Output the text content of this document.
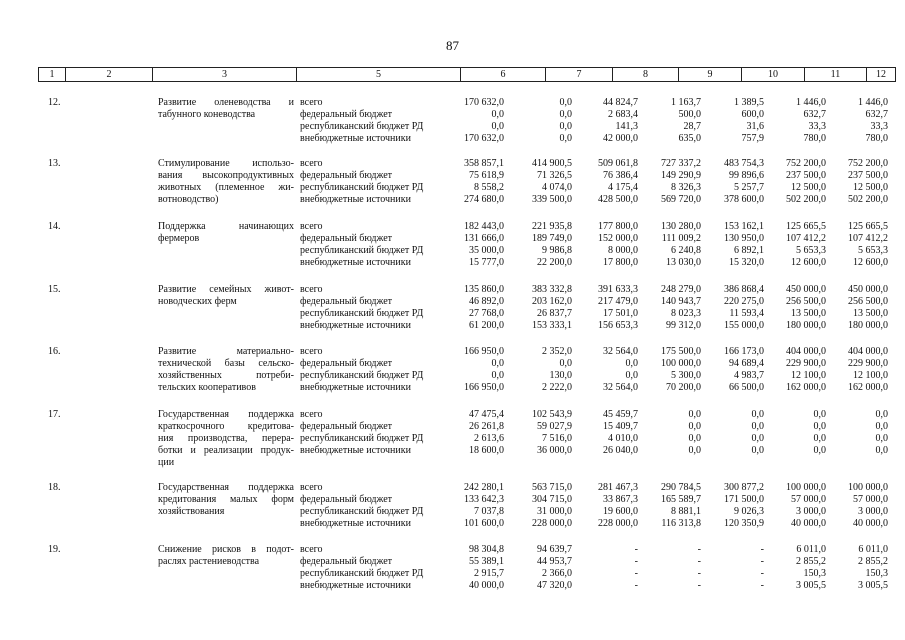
87
1	2	3	5	6	7	8	9	10	11	12
12.	Развитие оленеводства и
табунного коневодства
всего	170 632,0	0,0	44 824,7	1 163,7	1 389,5	1 446,0	1 446,0
федеральный бюджет	0,0	0,0	2 683,4	500,0	600,0	632,7	632,7
республиканский бюджет РД	0,0	0,0	141,3	28,7	31,6	33,3	33,3
внебюджетные источники	170 632,0	0,0	42 000,0	635,0	757,9	780,0	780,0
13.	Стимулирование использо-
вания высокопродуктивных
животных (племенное жи-
вотноводство)
всего	358 857,1	414 900,5	509 061,8	727 337,2	483 754,3	752 200,0	752 200,0
федеральный бюджет	75 618,9	71 326,5	76 386,4	149 290,9	99 896,6	237 500,0	237 500,0
республиканский бюджет РД	8 558,2	4 074,0	4 175,4	8 326,3	5 257,7	12 500,0	12 500,0
внебюджетные источники	274 680,0	339 500,0	428 500,0	569 720,0	378 600,0	502 200,0	502 200,0
14.	Поддержка начинающих
фермеров
всего	182 443,0	221 935,8	177 800,0	130 280,0	153 162,1	125 665,5	125 665,5
федеральный бюджет	131 666,0	189 749,0	152 000,0	111 009,2	130 950,0	107 412,2	107 412,2
республиканский бюджет РД	35 000,0	9 986,8	8 000,0	6 240,8	6 892,1	5 653,3	5 653,3
внебюджетные источники	15 777,0	22 200,0	17 800,0	13 030,0	15 320,0	12 600,0	12 600,0
15.	Развитие семейных живот-
новодческих ферм
всего	135 860,0	383 332,8	391 633,3	248 279,0	386 868,4	450 000,0	450 000,0
федеральный бюджет	46 892,0	203 162,0	217 479,0	140 943,7	220 275,0	256 500,0	256 500,0
республиканский бюджет РД	27 768,0	26 837,7	17 501,0	8 023,3	11 593,4	13 500,0	13 500,0
внебюджетные источники	61 200,0	153 333,1	156 653,3	99 312,0	155 000,0	180 000,0	180 000,0
16.	Развитие материально-
технической базы сельско-
хозяйственных потреби-
тельских кооперативов
всего	166 950,0	2 352,0	32 564,0	175 500,0	166 173,0	404 000,0	404 000,0
федеральный бюджет	0,0	0,0	0,0	100 000,0	94 689,4	229 900,0	229 900,0
республиканский бюджет РД	0,0	130,0	0,0	5 300,0	4 983,7	12 100,0	12 100,0
внебюджетные источники	166 950,0	2 222,0	32 564,0	70 200,0	66 500,0	162 000,0	162 000,0
17.	Государственная поддержка
краткосрочного кредитова-
ния производства, перера-
ботки и реализации продук-
ции
всего	47 475,4	102 543,9	45 459,7	0,0	0,0	0,0	0,0
федеральный бюджет	26 261,8	59 027,9	15 409,7	0,0	0,0	0,0	0,0
республиканский бюджет РД	2 613,6	7 516,0	4 010,0	0,0	0,0	0,0	0,0
внебюджетные источники	18 600,0	36 000,0	26 040,0	0,0	0,0	0,0	0,0
18.	Государственная поддержка
кредитования малых форм
хозяйствования
всего	242 280,1	563 715,0	281 467,3	290 784,5	300 877,2	100 000,0	100 000,0
федеральный бюджет	133 642,3	304 715,0	33 867,3	165 589,7	171 500,0	57 000,0	57 000,0
республиканский бюджет РД	7 037,8	31 000,0	19 600,0	8 881,1	9 026,3	3 000,0	3 000,0
внебюджетные источники	101 600,0	228 000,0	228 000,0	116 313,8	120 350,9	40 000,0	40 000,0
19.	Снижение рисков в подот-
раслях растениеводства
всего	98 304,8	94 639,7	-	-	-	6 011,0	6 011,0
федеральный бюджет	55 389,1	44 953,7	-	-	-	2 855,2	2 855,2
республиканский бюджет РД	2 915,7	2 366,0	-	-	-	150,3	150,3
внебюджетные источники	40 000,0	47 320,0	-	-	-	3 005,5	3 005,5
